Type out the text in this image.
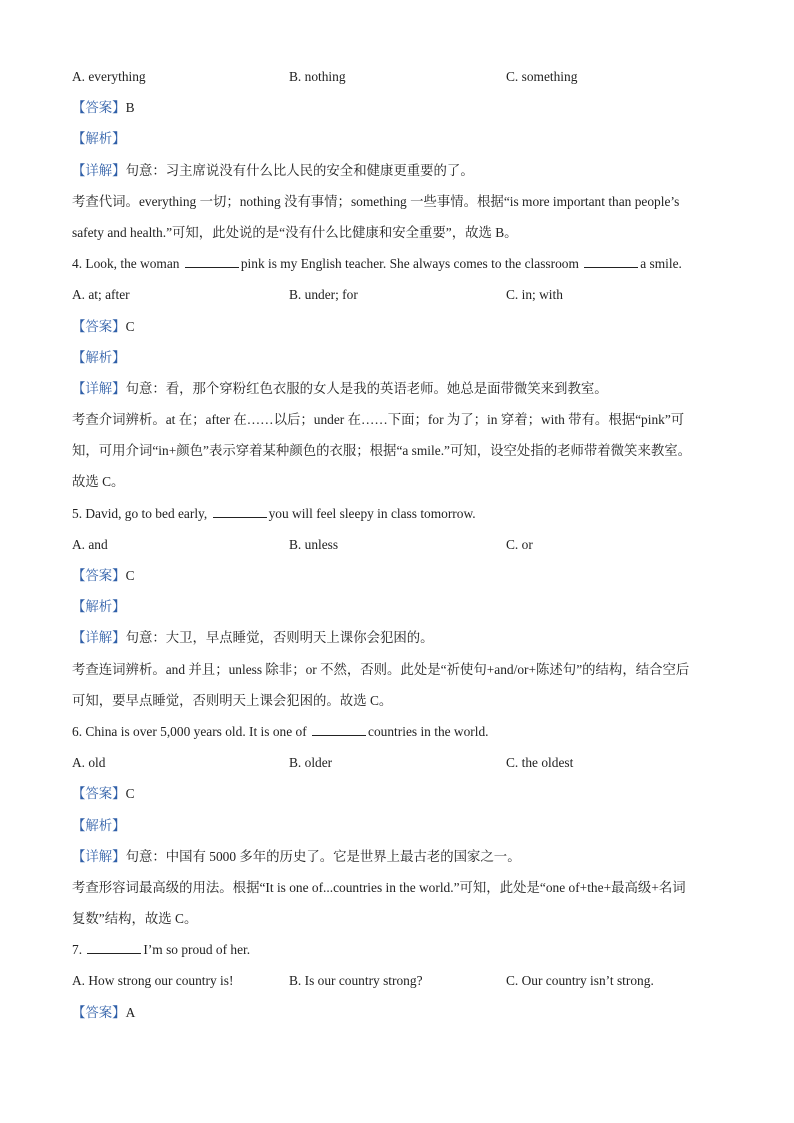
A. everything	B. nothing	C. something
【答案】B
【解析】
【详解】句意：习主席说没有什么比人民的安全和健康更重要的了。
考查代词。everything 一切；nothing 没有事情；something 一些事情。根据“is more important than people’s
safety and health.”可知，此处说的是“没有什么比健康和安全重要”，故选 B。
4. Look, the woman	pink is my English teacher. She always comes to the classroom	a smile.
A. at; after	B. under; for	C. in; with
【答案】C
【解析】
【详解】句意：看，那个穿粉红色衣服的女人是我的英语老师。她总是面带微笑来到教室。
考查介词辨析。at 在；after 在……以后；under 在……下面；for 为了；in 穿着；with 带有。根据“pink”可
知，可用介词“in+颜色”表示穿着某种颜色的衣服；根据“a smile.”可知，设空处指的老师带着微笑来教室。
故选 C。
5. David, go to bed early,	you will feel sleepy in class tomorrow.
A. and	B. unless	C. or
【答案】C
【解析】
【详解】句意：大卫，早点睡觉，否则明天上课你会犯困的。
考查连词辨析。and 并且；unless 除非；or 不然，否则。此处是“祈使句+and/or+陈述句”的结构，结合空后
可知，要早点睡觉，否则明天上课会犯困的。故选 C。
6. China is over 5,000 years old. It is one of	countries in the world.
A. old	B. older	C. the oldest
【答案】C
【解析】
【详解】句意：中国有 5000 多年的历史了。它是世界上最古老的国家之一。
考查形容词最高级的用法。根据“It is one of...countries in the world.”可知，此处是“one of+the+最高级+名词
复数”结构，故选 C。
7.	I’m so proud of her.
A. How strong our country is!	B. Is our country strong?	C. Our country isn’t strong.
【答案】A
